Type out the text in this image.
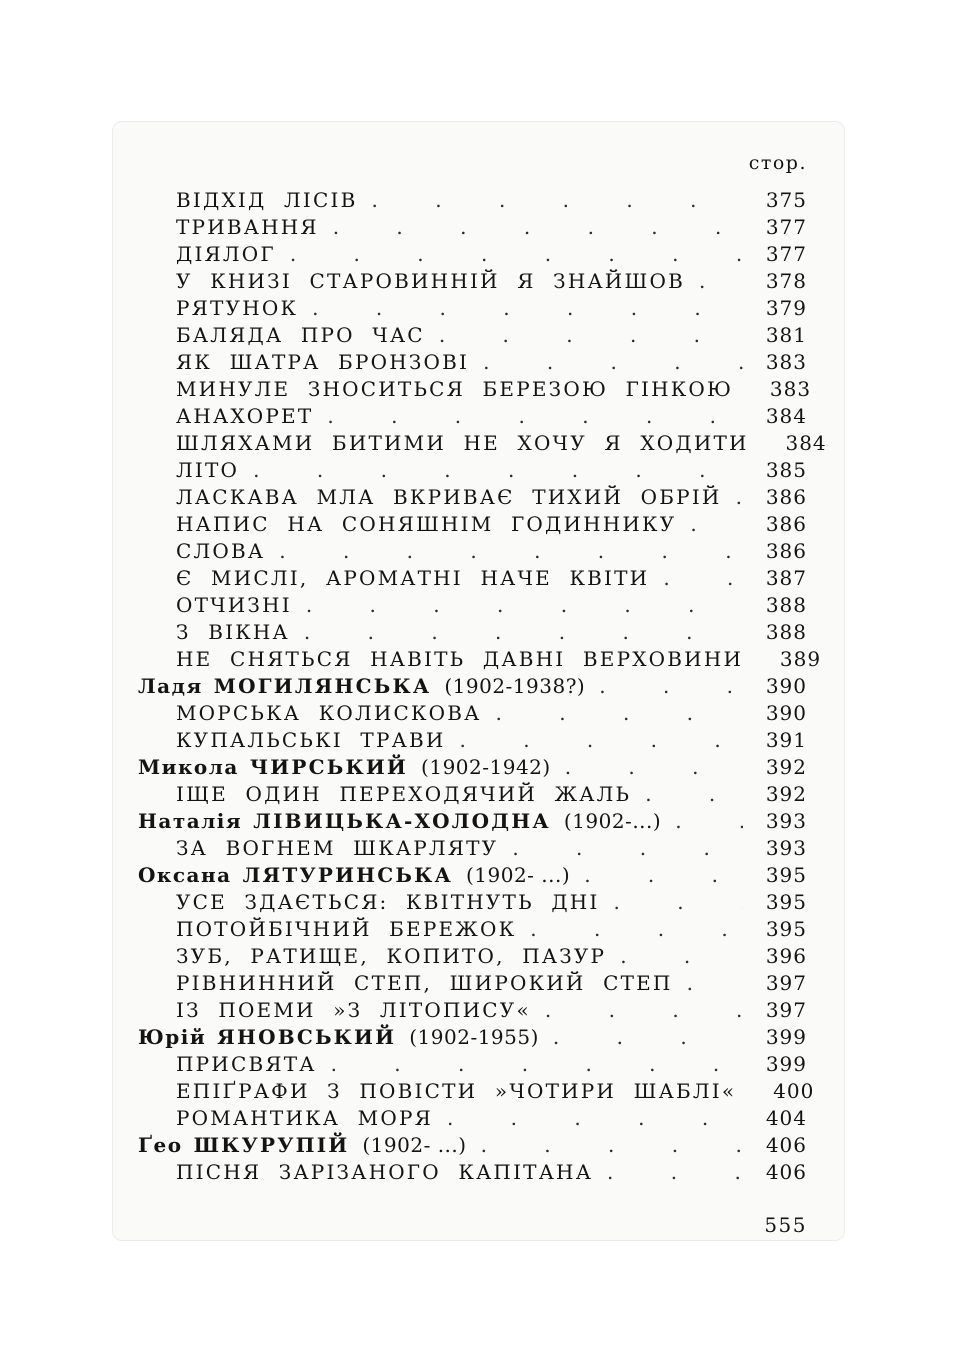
стор.
ВІДХІД ЛІСІВ . . .	375
ТРИВАННЯ . . .	377
ДІЯЛОГ . . .	377
У КНИЗІ СТАРОВИННІЙ Я ЗНАЙШОВ . . .	378
РЯТУНОК . . .	379
БАЛЯДА ПРО ЧАС . . .	381
ЯК ШАТРА БРОНЗОВІ . . .	383
МИНУЛЕ ЗНОСИТЬСЯ БЕРЕЗОЮ ГІНКОЮ	383
АНАХОРЕТ . . .	384
ШЛЯХАМИ БИТИМИ НЕ ХОЧУ Я ХОДИТИ	384
ЛІТО . . .	385
ЛАСКАВА МЛА ВКРИВАЄ ТИХИЙ ОБРІЙ . . .	386
НАПИС НА СОНЯШНІМ ГОДИННИКУ . . .	386
СЛОВА . . .	386
Є МИСЛІ, АРОМАТНІ НАЧЕ КВІТИ . . .	387
ОТЧИЗНІ . . .	388
З ВІКНА . . .	388
НЕ СНЯТЬСЯ НАВІТЬ ДАВНІ ВЕРХОВИНИ	389
Ладя МОГИЛЯНСЬКА (1902-1938?) . . .	390
МОРСЬКА КОЛИСКОВА . . .	390
КУПАЛЬСЬКІ ТРАВИ . . .	391
Микола ЧИРСЬКИЙ (1902-1942) . . .	392
ІЩЕ ОДИН ПЕРЕХОДЯЧИЙ ЖАЛЬ . . .	392
Наталія ЛІВИЦЬКА-ХОЛОДНА (1902-...) . . .	393
ЗА ВОГНЕМ ШКАРЛЯТУ . . .	393
Оксана ЛЯТУРИНСЬКА (1902- ...) . . .	395
УСЕ ЗДАЄТЬСЯ: КВІТНУТЬ ДНІ . . .	395
ПОТОЙБІЧНИЙ БЕРЕЖОК . . .	395
ЗУБ, РАТИЩЕ, КОПИТО, ПАЗУР . . .	396
РІВНИННИЙ СТЕП, ШИРОКИЙ СТЕП . . .	397
ІЗ ПОЕМИ »З ЛІТОПИСУ« . . .	397
Юрій ЯНОВСЬКИЙ (1902-1955) . . .	399
ПРИСВЯТА . . .	399
ЕПІҐРАФИ З ПОВІСТИ »ЧОТИРИ ШАБЛІ«	400
РОМАНТИКА МОРЯ . . .	404
Ґео ШКУРУПІЙ (1902- ...) . . .	406
ПІСНЯ ЗАРІЗАНОГО КАПІТАНА . . .	406
555
